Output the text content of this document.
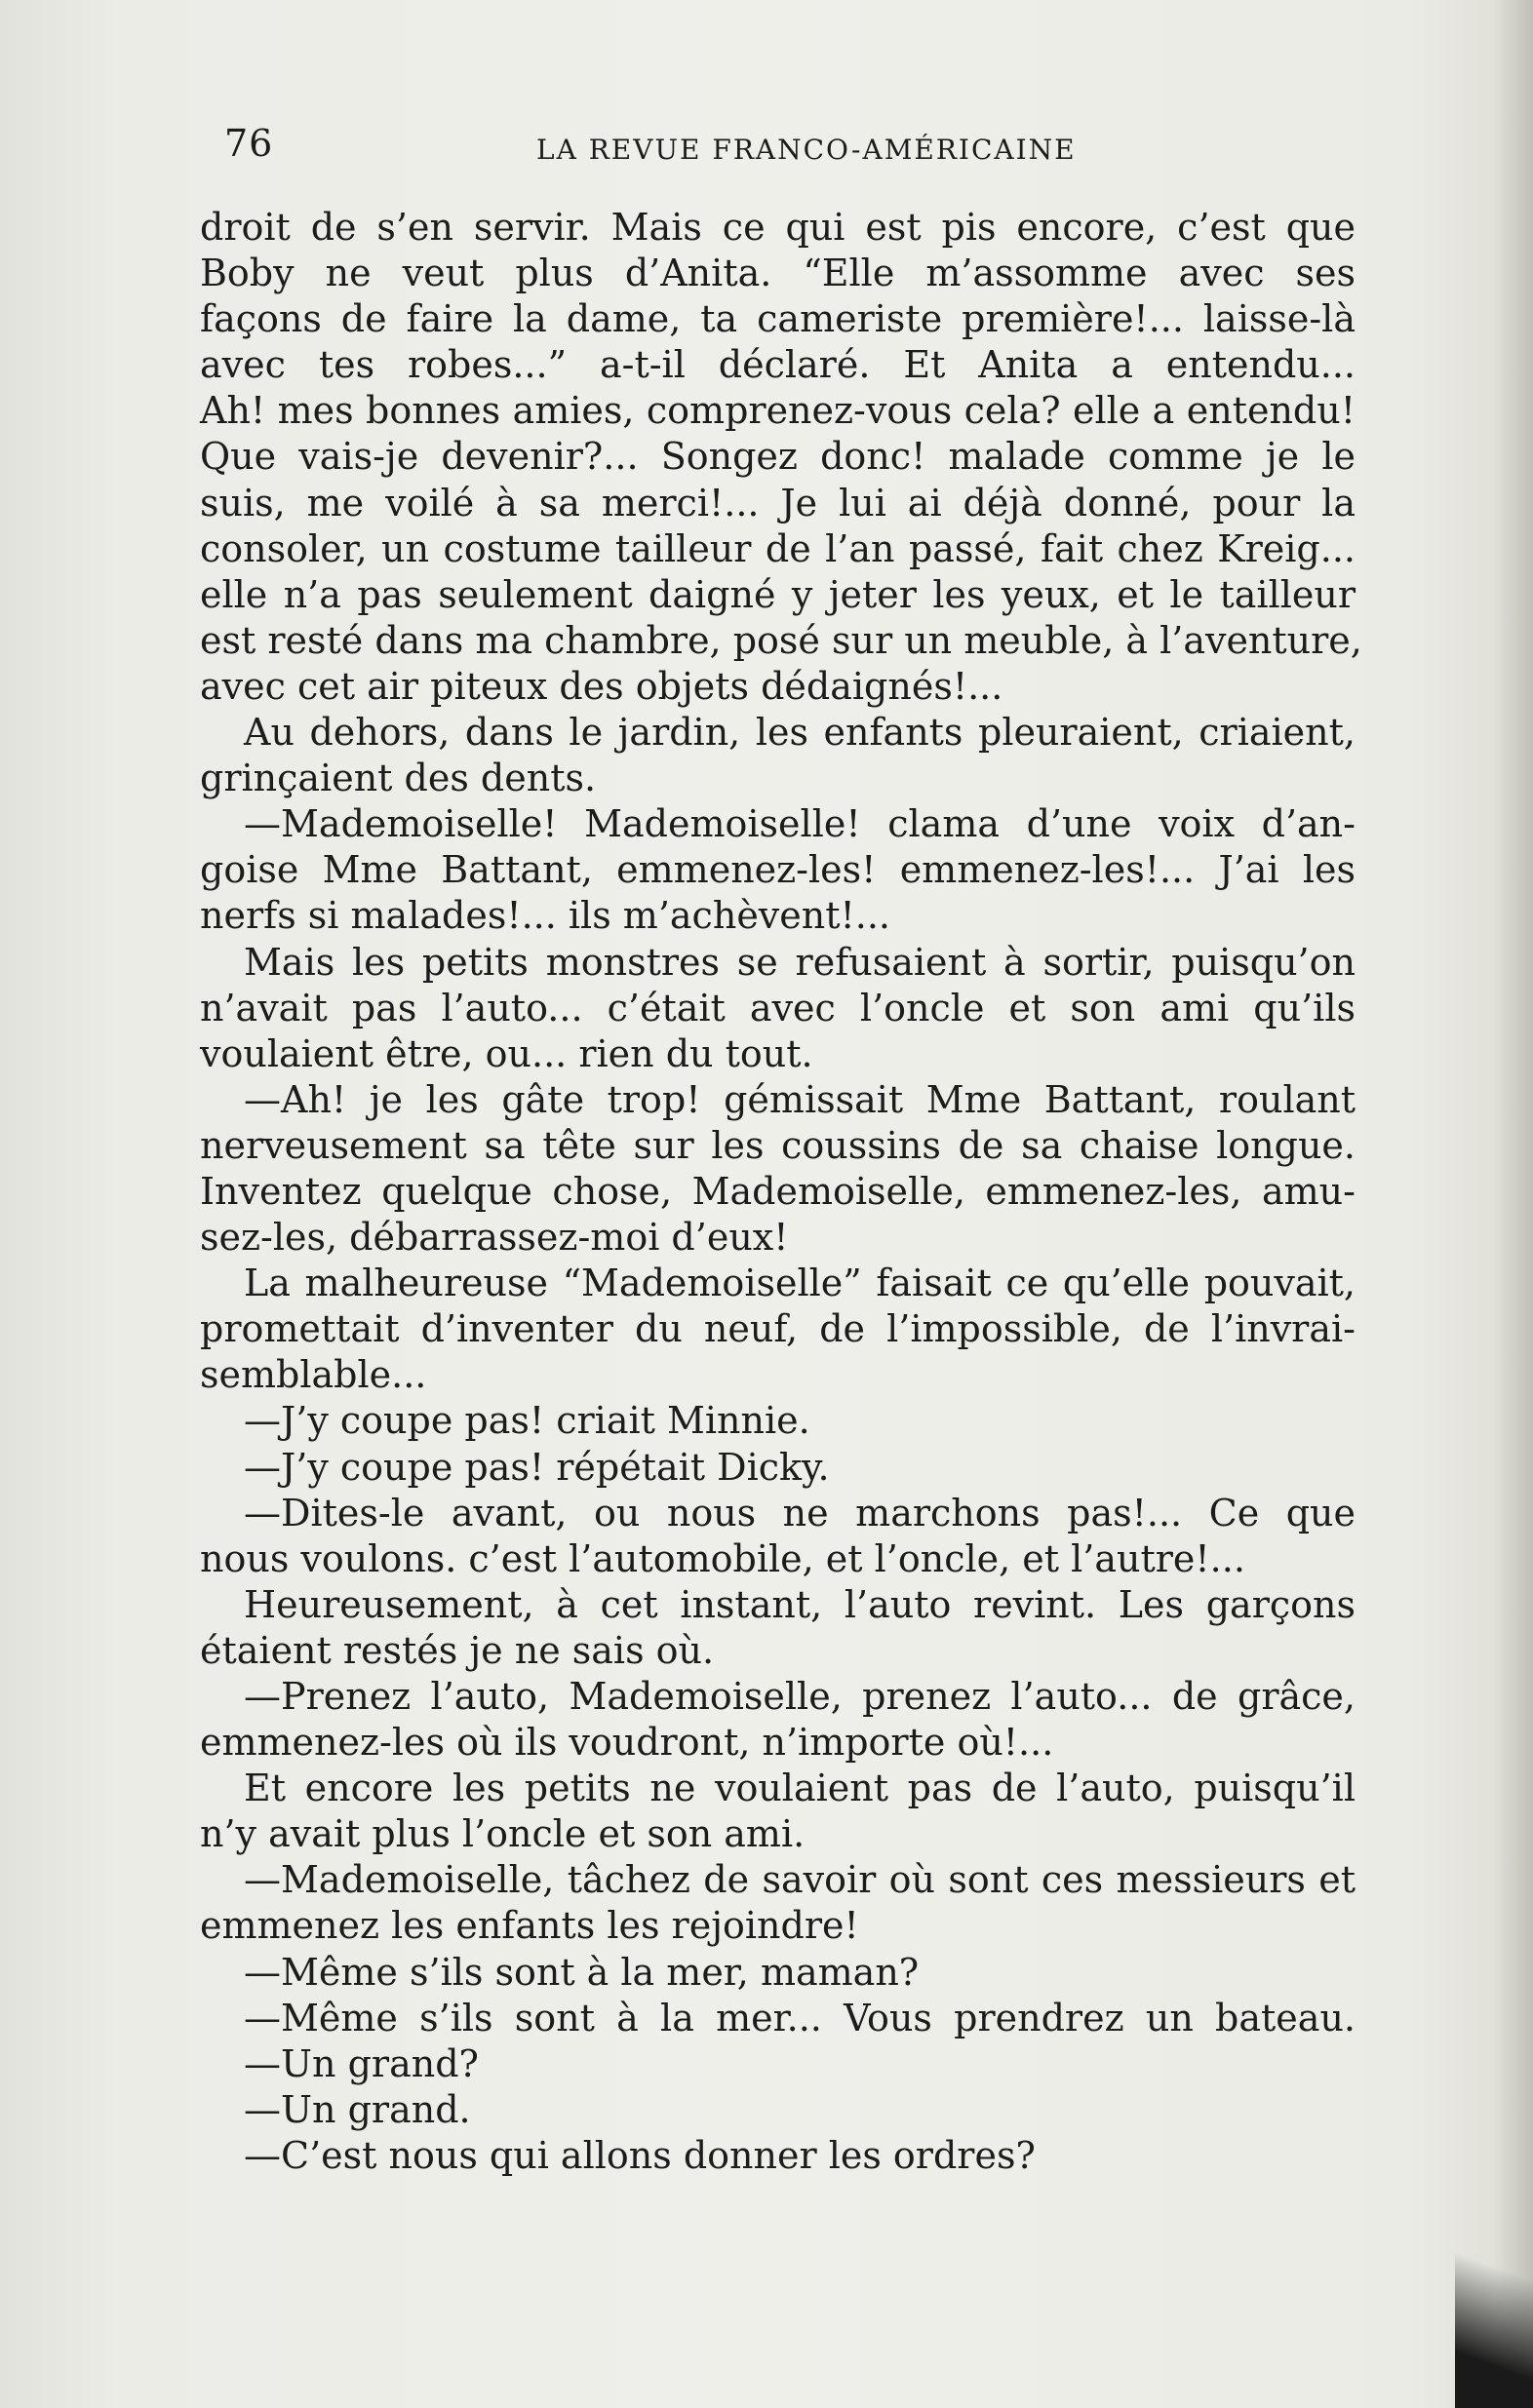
76	LA REVUE FRANCO-AMÉRICAINE
droit de s’en servir. Mais ce qui est pis encore, c’est que
Boby ne veut plus d’Anita. “Elle m’assomme avec ses
façons de faire la dame, ta cameriste première!... laisse-là
avec tes robes...” a-t-il déclaré. Et Anita a entendu...
Ah! mes bonnes amies, comprenez-vous cela? elle a entendu!
Que vais-je devenir?... Songez donc! malade comme je le
suis, me voilé à sa merci!... Je lui ai déjà donné, pour la
consoler, un costume tailleur de l’an passé, fait chez Kreig...
elle n’a pas seulement daigné y jeter les yeux, et le tailleur
est resté dans ma chambre, posé sur un meuble, à l’aventure,
avec cet air piteux des objets dédaignés!...
Au dehors, dans le jardin, les enfants pleuraient, criaient,
grinçaient des dents.
—Mademoiselle! Mademoiselle! clama d’une voix d’an-
goise Mme Battant, emmenez-les! emmenez-les!... J’ai les
nerfs si malades!... ils m’achèvent!...
Mais les petits monstres se refusaient à sortir, puisqu’on
n’avait pas l’auto... c’était avec l’oncle et son ami qu’ils
voulaient être, ou... rien du tout.
—Ah! je les gâte trop! gémissait Mme Battant, roulant
nerveusement sa tête sur les coussins de sa chaise longue.
Inventez quelque chose, Mademoiselle, emmenez-les, amu-
sez-les, débarrassez-moi d’eux!
La malheureuse “Mademoiselle” faisait ce qu’elle pouvait,
promettait d’inventer du neuf, de l’impossible, de l’invrai-
semblable...
—J’y coupe pas! criait Minnie.
—J’y coupe pas! répétait Dicky.
—Dites-le avant, ou nous ne marchons pas!... Ce que
nous voulons. c’est l’automobile, et l’oncle, et l’autre!...
Heureusement, à cet instant, l’auto revint. Les garçons
étaient restés je ne sais où.
—Prenez l’auto, Mademoiselle, prenez l’auto... de grâce,
emmenez-les où ils voudront, n’importe où!...
Et encore les petits ne voulaient pas de l’auto, puisqu’il
n’y avait plus l’oncle et son ami.
—Mademoiselle, tâchez de savoir où sont ces messieurs et
emmenez les enfants les rejoindre!
—Même s’ils sont à la mer, maman?
—Même s’ils sont à la mer... Vous prendrez un bateau.
—Un grand?
—Un grand.
—C’est nous qui allons donner les ordres?
